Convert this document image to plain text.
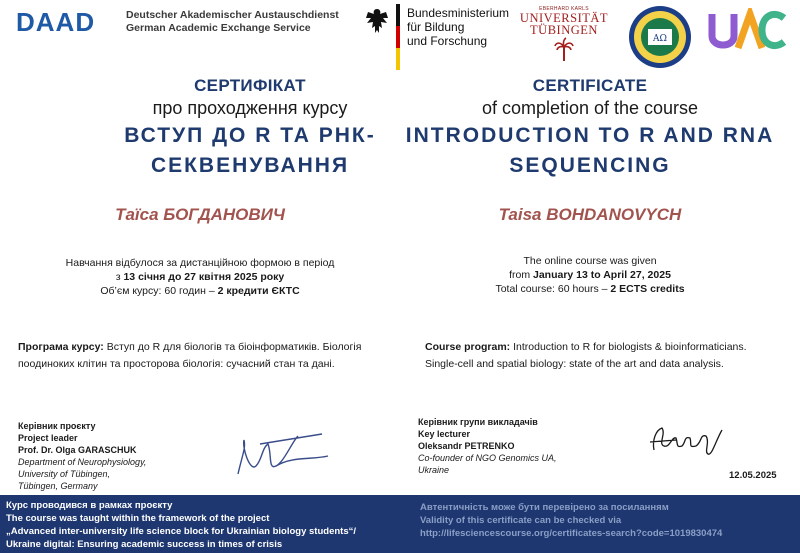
DAAD	Deutscher Akademischer Austauschdienst
German Academic Exchange Service
Bundesministerium
für Bildung
und Forschung
EBERHARD KARLS
UNIVERSITÄT
TÜBINGEN
ΑΩ
UAC
СЕРТИФІКАТ
про проходження курсу
ВСТУП ДО R ТА РНК-
СЕКВЕНУВАННЯ
CERTIFICATE
of completion of the course
INTRODUCTION TO R AND RNA
SEQUENCING
Таїса БОГДАНОВИЧ	Taisa BOHDANOVYCH
Навчання відбулося за дистанційною формою в період
з 13 січня до 27 квітня 2025 року
Об’єм курсу: 60 годин – 2 кредити ЄКТС
The online course was given
from January 13 to April 27, 2025
Total course: 60 hours – 2 ECTS credits
Програма курсу: Вступ до R для біологів та біоінформатиків. Біологія
поодиноких клітин та просторова біологія: сучасний стан та дані.
Course program: Introduction to R for biologists & bioinformaticians.
Single-cell and spatial biology: state of the art and data analysis.
Керівник проєкту
Project leader
Prof. Dr. Olga GARASCHUK
Department of Neurophysiology,
University of Tübingen,
Tübingen, Germany
Керівник групи викладачів
Key lecturer
Oleksandr PETRENKO
Co-founder of NGO Genomics UA,
Ukraine	12.05.2025
Курс проводився в рамках проєкту
The course was taught within the framework of the project
„Advanced inter-university life science block for Ukrainian biology students“/
Ukraine digital: Ensuring academic success in times of crisis
Автентичність може бути перевірено за посиланням
Validity of this certificate can be checked via
http://lifesciencescourse.org/certificates-search?code=1019830474
